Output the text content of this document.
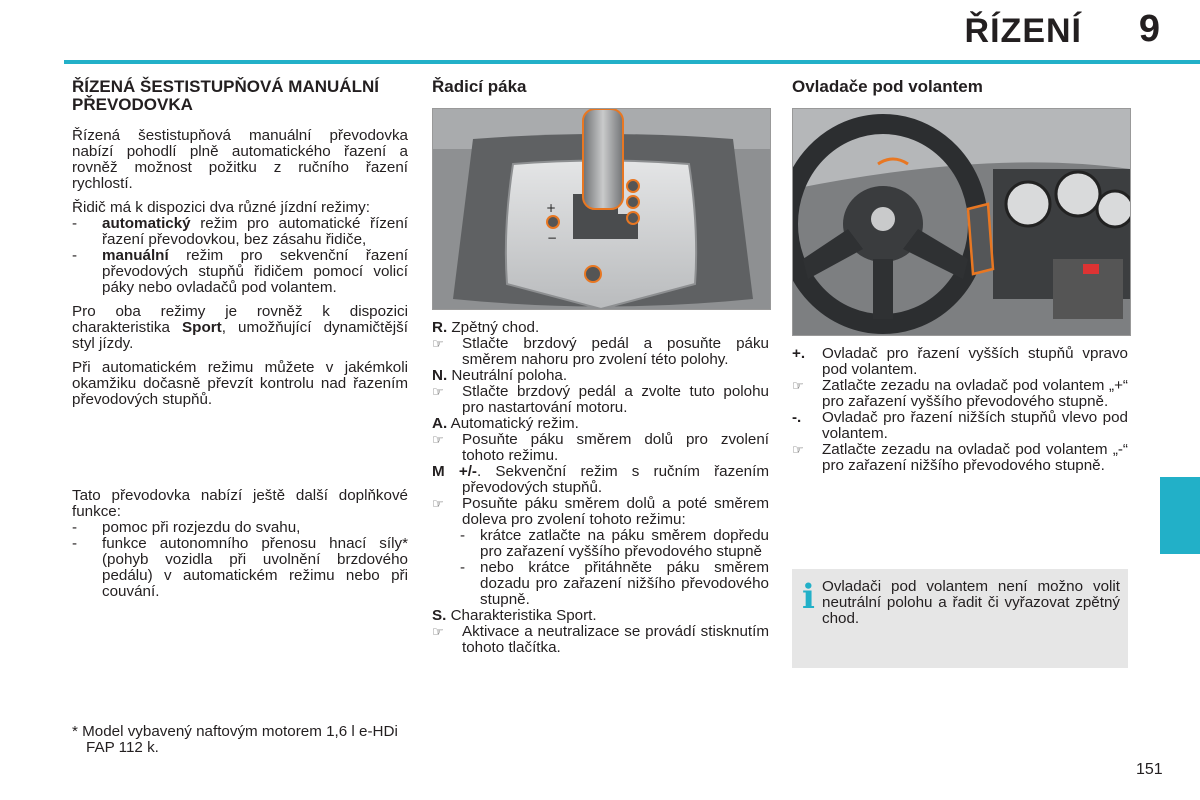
ŘÍZENÍ 9
ŘÍZENÁ ŠESTISTUPŇOVÁ MANUÁLNÍ PŘEVODOVKA

Řízená šestistupňová manuální převodovka nabízí pohodlí plně automatického řazení a rovněž možnost požitku z ručního řazení rychlostí.

Řidič má k dispozici dva různé jízdní režimy:

- automatický režim pro automatické řízení řazení převodovkou, bez zásahu řidiče,
- manuální režim pro sekvenční řazení převodových stupňů řidičem pomocí volicí páky nebo ovladačů pod volantem.

Pro oba režimy je rovněž k dispozici charakteristika Sport, umožňující dynamičtější styl jízdy.

Při automatickém režimu můžete v jakémkoli okamžiku dočasně převzít kontrolu nad řazením převodových stupňů.

Tato převodovka nabízí ještě další doplňkové funkce:

- pomoc při rozjezdu do svahu,
- funkce autonomního přenosu hnací síly* (pohyb vozidla při uvolnění brzdového pedálu) v automatickém režimu nebo při couvání.
* Model vybavený naftovým motorem 1,6 l e-HDi FAP 112 k.
Řadicí páka
+
−
R. Zpětný chod.
☞ Stlačte brzdový pedál a posuňte páku směrem nahoru pro zvolení této polohy.
N. Neutrální poloha.
☞ Stlačte brzdový pedál a zvolte tuto polohu pro nastartování motoru.
A. Automatický režim.
☞ Posuňte páku směrem dolů pro zvolení tohoto režimu.
M +/-. Sekvenční režim s ručním řazením převodových stupňů.
☞ Posuňte páku směrem dolů a poté směrem doleva pro zvolení tohoto režimu:
- krátce zatlačte na páku směrem dopředu pro zařazení vyššího převodového stupně
- nebo krátce přitáhněte páku směrem dozadu pro zařazení nižšího převodového stupně.
S. Charakteristika Sport.
☞ Aktivace a neutralizace se provádí stisknutím tohoto tlačítka.
Ovladače pod volantem
+. Ovladač pro řazení vyšších stupňů vpravo pod volantem.
☞ Zatlačte zezadu na ovladač pod volantem „+“ pro zařazení vyššího převodového stupně.
-. Ovladač pro řazení nižších stupňů vlevo pod volantem.
☞ Zatlačte zezadu na ovladač pod volantem „-“ pro zařazení nižšího převodového stupně.
i Ovladači pod volantem není možno volit neutrální polohu a řadit či vyřazovat zpětný chod.
151
